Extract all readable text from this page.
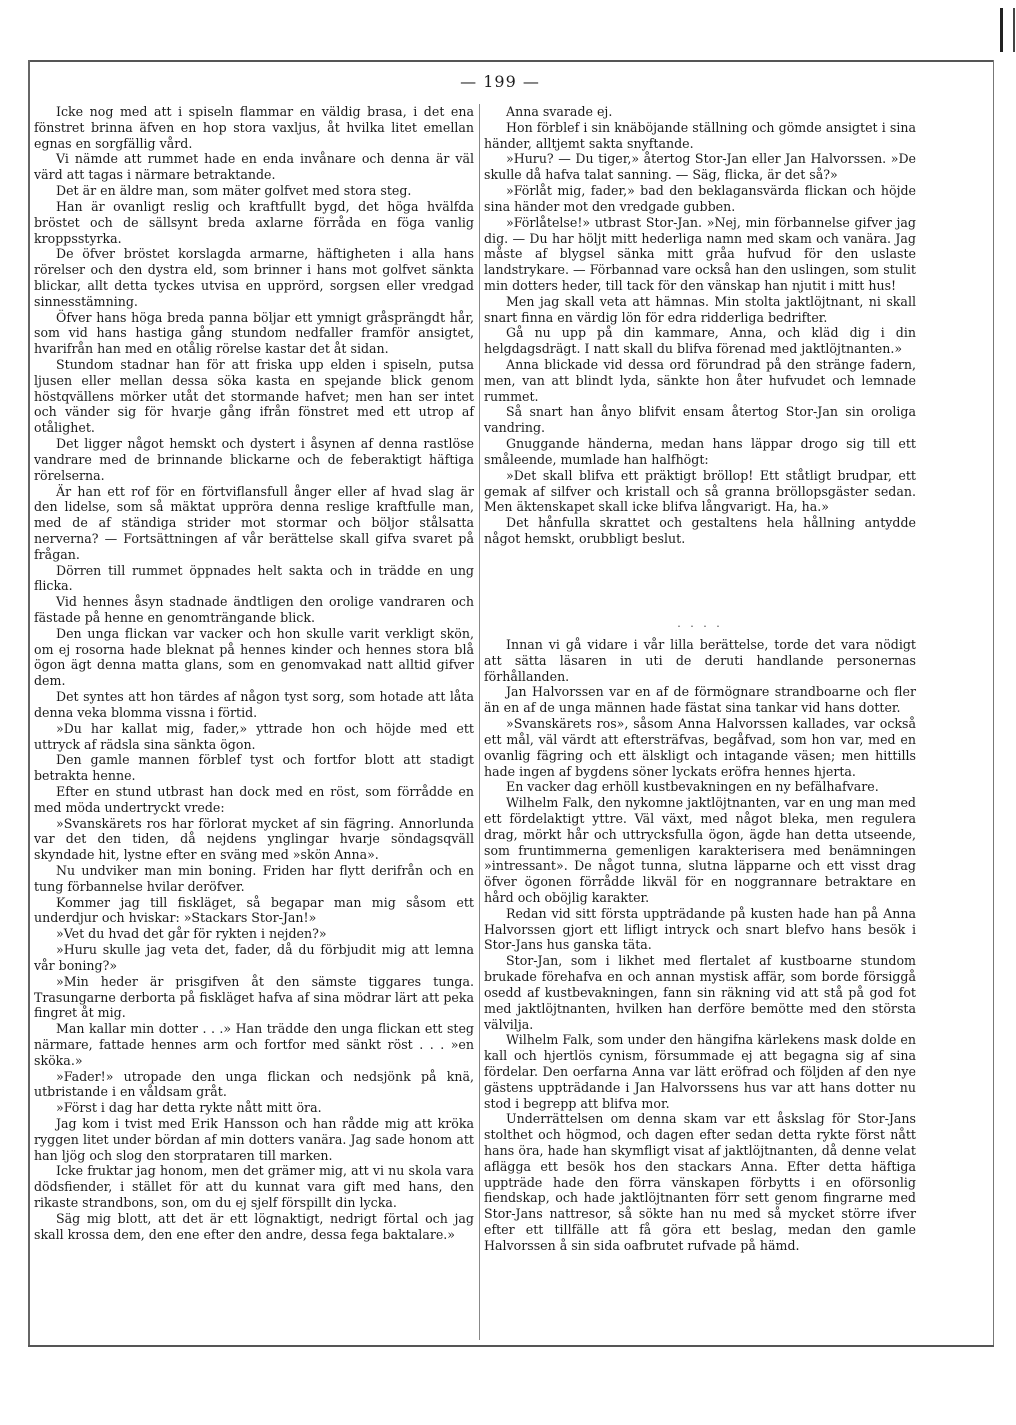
— 199 —

Icke nog med att i spiseln flammar en väldig brasa, i det ena fönstret brinna äfven en hop stora vaxljus, åt hvilka litet emellan egnas en sorgfällig vård.

Vi nämde att rummet hade en enda invånare och denna är väl värd att tagas i närmare betraktande.

Det är en äldre man, som mäter golfvet med stora steg.

Han är ovanligt reslig och kraftfullt bygd, det höga hvälfda bröstet och de sällsynt breda axlarne förråda en föga vanlig kroppsstyrka.

De öfver bröstet korslagda armarne, häftigheten i alla hans rörelser och den dystra eld, som brinner i hans mot golfvet sänkta blickar, allt detta tyckes utvisa en upprörd, sorgsen eller vredgad sinnesstämning.

Öfver hans höga breda panna böljar ett ymnigt gråsprängdt hår, som vid hans hastiga gång stundom nedfaller framför ansigtet, hvarifrån han med en otålig rörelse kastar det åt sidan.

Stundom stadnar han för att friska upp elden i spiseln, putsa ljusen eller mellan dessa söka kasta en spejande blick genom höstqvällens mörker utåt det stormande hafvet; men han ser intet och vänder sig för hvarje gång ifrån fönstret med ett utrop af otålighet.

Det ligger något hemskt och dystert i åsynen af denna rastlöse vandrare med de brinnande blickarne och de feberaktigt häftiga rörelserna.

Är han ett rof för en förtviflansfull ånger eller af hvad slag är den lidelse, som så mäktat uppröra denna reslige kraftfulle man, med de af ständiga strider mot stormar och böljor stålsatta nerverna? — Fortsättningen af vår berättelse skall gifva svaret på frågan.

Dörren till rummet öppnades helt sakta och in trädde en ung flicka.

Vid hennes åsyn stadnade ändtligen den orolige vandraren och fästade på henne en genomträngande blick.

Den unga flickan var vacker och hon skulle varit verkligt skön, om ej rosorna hade bleknat på hennes kinder och hennes stora blå ögon ägt denna matta glans, som en genomvakad natt alltid gifver dem.

Det syntes att hon tärdes af någon tyst sorg, som hotade att låta denna veka blomma vissna i förtid.

»Du har kallat mig, fader,» yttrade hon och höjde med ett uttryck af rädsla sina sänkta ögon.

Den gamle mannen förblef tyst och fortfor blott att stadigt betrakta henne.

Efter en stund utbrast han dock med en röst, som förrådde en med möda undertryckt vrede:

»Svanskärets ros har förlorat mycket af sin fägring. Annorlunda var det den tiden, då nejdens ynglingar hvarje söndagsqväll skyndade hit, lystne efter en sväng med »skön Anna».

Nu undviker man min boning. Friden har flytt derifrån och en tung förbannelse hvilar deröfver.

Kommer jag till fiskläget, så begapar man mig såsom ett underdjur och hviskar: »Stackars Stor-Jan!»

»Vet du hvad det går för rykten i nejden?»

»Huru skulle jag veta det, fader, då du förbjudit mig att lemna vår boning?»

»Min heder är prisgifven åt den sämste tiggares tunga. Trasungarne derborta på fiskläget hafva af sina mödrar lärt att peka fingret åt mig.

Man kallar min dotter . . .» Han trädde den unga flickan ett steg närmare, fattade hennes arm och fortfor med sänkt röst . . . »en sköka.»

»Fader!» utropade den unga flickan och nedsjönk på knä, utbristande i en våldsam gråt.

»Först i dag har detta rykte nått mitt öra.

Jag kom i tvist med Erik Hansson och han rådde mig att kröka ryggen litet under bördan af min dotters vanära. Jag sade honom att han ljög och slog den storprataren till marken.

Icke fruktar jag honom, men det grämer mig, att vi nu skola vara dödsfiender, i stället för att du kunnat vara gift med hans, den rikaste strandbons, son, om du ej sjelf förspillt din lycka.

Säg mig blott, att det är ett lögnaktigt, nedrigt förtal och jag skall krossa dem, den ene efter den andre, dessa fega baktalare.»

Anna svarade ej.

Hon förblef i sin knäböjande ställning och gömde ansigtet i sina händer, alltjemt sakta snyftande.

»Huru? — Du tiger,» återtog Stor-Jan eller Jan Halvorssen. »De skulle då hafva talat sanning. — Säg, flicka, är det så?»

»Förlåt mig, fader,» bad den beklagansvärda flickan och höjde sina händer mot den vredgade gubben.

»Förlåtelse!» utbrast Stor-Jan. »Nej, min förbannelse gifver jag dig. — Du har höljt mitt hederliga namn med skam och vanära. Jag måste af blygsel sänka mitt gråa hufvud för den uslaste landstrykare. — Förbannad vare också han den uslingen, som stulit min dotters heder, till tack för den vänskap han njutit i mitt hus!

Men jag skall veta att hämnas. Min stolta jaktlöjtnant, ni skall snart finna en värdig lön för edra ridderliga bedrifter.

Gå nu upp på din kammare, Anna, och kläd dig i din helgdagsdrägt. I natt skall du blifva förenad med jaktlöjtnanten.»

Anna blickade vid dessa ord förundrad på den stränge fadern, men, van att blindt lyda, sänkte hon åter hufvudet och lemnade rummet.

Så snart han ånyo blifvit ensam återtog Stor-Jan sin oroliga vandring.

Gnuggande händerna, medan hans läppar drogo sig till ett småleende, mumlade han halfhögt:

»Det skall blifva ett präktigt bröllop! Ett ståtligt brudpar, ett gemak af silfver och kristall och så granna bröllopsgäster sedan. Men äktenskapet skall icke blifva långvarigt. Ha, ha.»

Det hånfulla skrattet och gestaltens hela hållning antydde något hemskt, orubbligt beslut.

. . . .

Innan vi gå vidare i vår lilla berättelse, torde det vara nödigt att sätta läsaren in uti de deruti handlande personernas förhållanden.

Jan Halvorssen var en af de förmögnare strandboarne och fler än en af de unga männen hade fästat sina tankar vid hans dotter.

»Svanskärets ros», såsom Anna Halvorssen kallades, var också ett mål, väl värdt att eftersträfvas, begåfvad, som hon var, med en ovanlig fägring och ett älskligt och intagande väsen; men hittills hade ingen af bygdens söner lyckats eröfra hennes hjerta.

En vacker dag erhöll kustbevakningen en ny befälhafvare.

Wilhelm Falk, den nykomne jaktlöjtnanten, var en ung man med ett fördelaktigt yttre. Väl växt, med något bleka, men regulera drag, mörkt hår och uttrycksfulla ögon, ägde han detta utseende, som fruntimmerna gemenligen karakterisera med benämningen »intressant». De något tunna, slutna läpparne och ett visst drag öfver ögonen förrådde likväl för en noggrannare betraktare en hård och oböjlig karakter.

Redan vid sitt första uppträdande på kusten hade han på Anna Halvorssen gjort ett lifligt intryck och snart blefvo hans besök i Stor-Jans hus ganska täta.

Stor-Jan, som i likhet med flertalet af kustboarne stundom brukade förehafva en och annan mystisk affär, som borde försiggå osedd af kustbevakningen, fann sin räkning vid att stå på god fot med jaktlöjtnanten, hvilken han derföre bemötte med den största välvilja.

Wilhelm Falk, som under den hängifna kärlekens mask dolde en kall och hjertlös cynism, försummade ej att begagna sig af sina fördelar. Den oerfarna Anna var lätt eröfrad och följden af den nye gästens uppträdande i Jan Halvorssens hus var att hans dotter nu stod i begrepp att blifva mor.

Underrättelsen om denna skam var ett åskslag för Stor-Jans stolthet och högmod, och dagen efter sedan detta rykte först nått hans öra, hade han skymfligt visat af jaktlöjtnanten, då denne velat aflägga ett besök hos den stackars Anna. Efter detta häftiga uppträde hade den förra vänskapen förbytts i en oförsonlig fiendskap, och hade jaktlöjtnanten förr sett genom fingrarne med Stor-Jans nattresor, så sökte han nu med så mycket större ifver efter ett tillfälle att få göra ett beslag, medan den gamle Halvorssen å sin sida oafbrutet rufvade på hämd.
